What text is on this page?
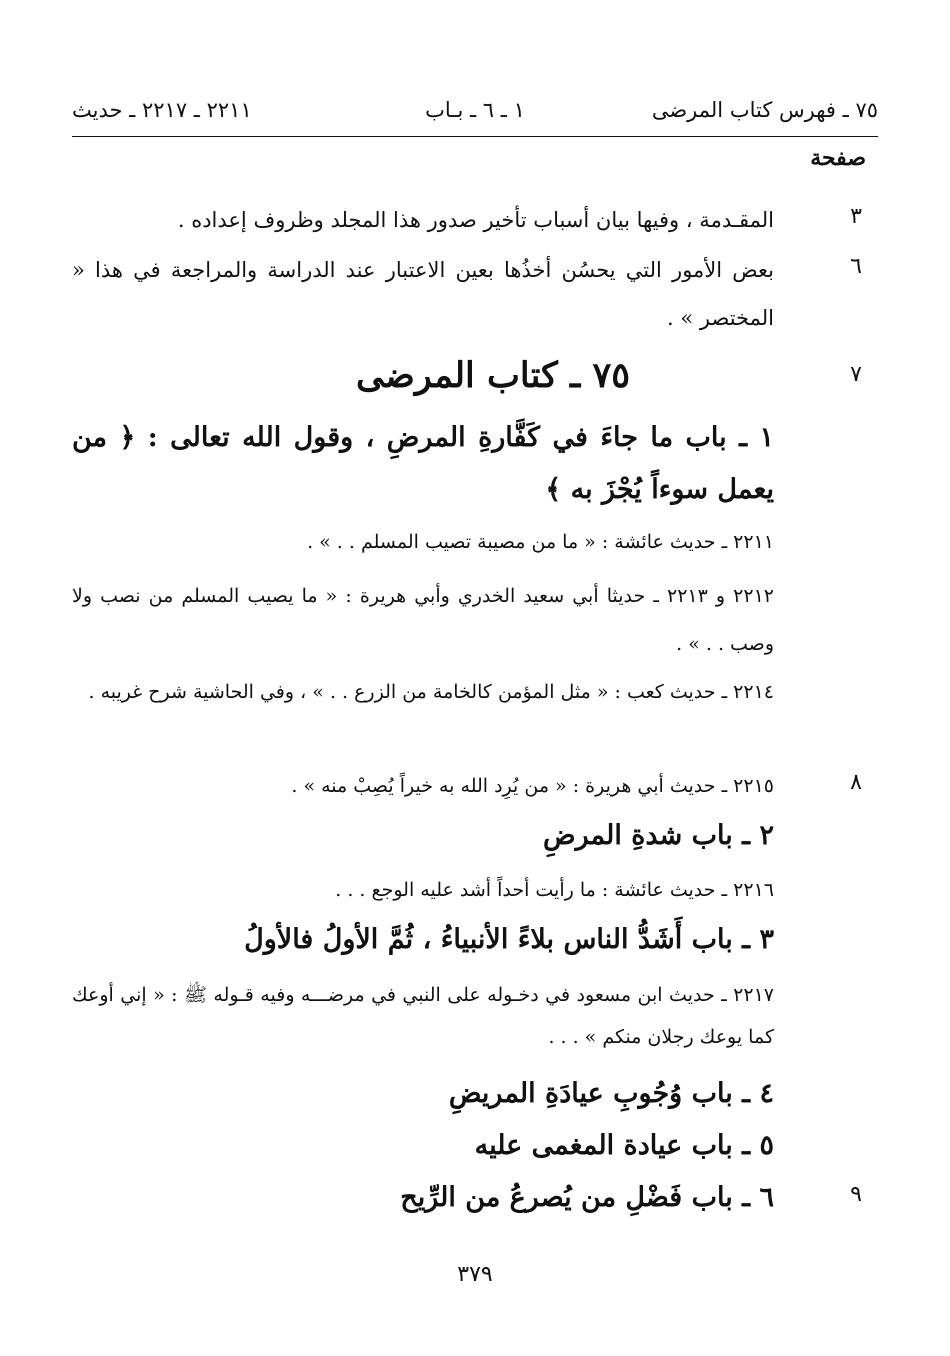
٧٥ ـ فهرس كتاب المرضى
١ ـ ٦ ـ بـاب
٢٢١١ ـ ٢٢١٧ ـ حديث
صفحة
٣
المقـدمة ، وفيها بيان أسباب تأخير صدور هذا المجلد وظروف إعداده .
٦
بعض الأمور التي يحسُن أخذُها بعين الاعتبار عند الدراسة والمراجعة في هذا « المختصر » .
٧
٧٥ ـ كتاب المرضى
١ ـ باب ما جاءَ في كَفَّارةِ المرضِ ، وقول الله تعالى : ﴿ من يعمل سوءاً يُجْزَ به ﴾
٢٢١١ ـ حديث عائشة : « ما من مصيبة تصيب المسلم . . » .
٢٢١٢ و ٢٢١٣ ـ حديثا أبي سعيد الخدري وأبي هريرة : « ما يصيب المسلم من نصب ولا وصب . . » .
٢٢١٤ ـ حديث كعب : « مثل المؤمن كالخامة من الزرع . . » ، وفي الحاشية شرح غريبه .
٨
٢٢١٥ ـ حديث أبي هريرة : « من يُرِد الله به خيراً يُصِبْ منه » .
٢ ـ باب شدةِ المرضِ
٢٢١٦ ـ حديث عائشة : ما رأيت أحداً أشد عليه الوجع . . .
٣ ـ باب أَشَدُّ الناس بلاءً الأنبياءُ ، ثُمَّ الأولُ فالأولُ
٢٢١٧ ـ حديث ابن مسعود في دخـوله على النبي في مرضـــه وفيه قـوله ﷺ : « إني أوعك كما يوعك رجلان منكم » . . .
٤ ـ باب وُجُوبِ عيادَةِ المريضِ
٥ ـ باب عيادة المغمى عليه
٩
٦ ـ باب فَضْلِ من يُصرعُ من الرِّيح
٣٧٩
